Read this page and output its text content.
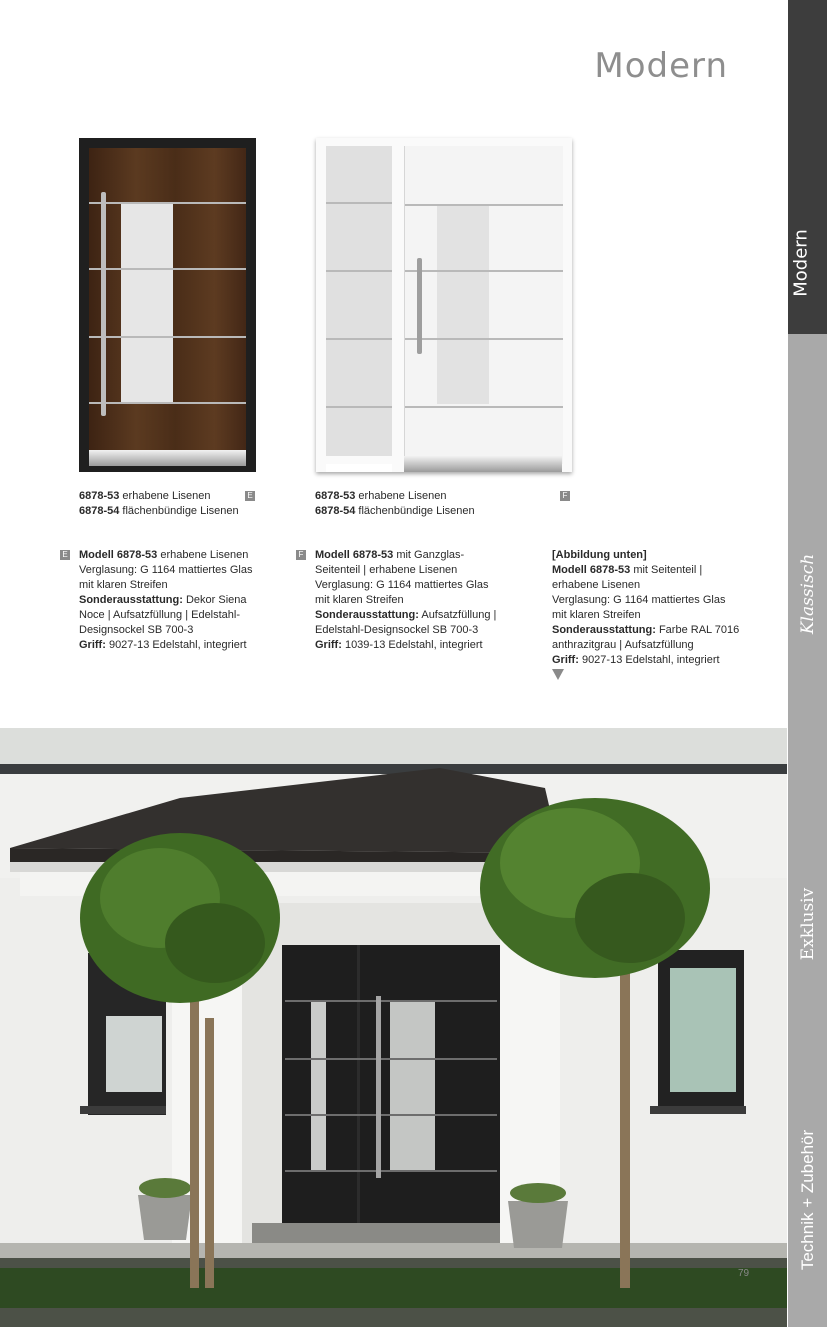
Modern
Modern
Klassisch
Exklusiv
Technik + Zubehör
E	F
6878-53 erhabene Lisenen
6878-54 flächenbündige Lisenen
6878-53 erhabene Lisenen
6878-54 flächenbündige Lisenen
E Modell 6878-53 erhabene Lisenen
Verglasung: G 1164 mattiertes Glas
mit klaren Streifen
Sonderausstattung: Dekor Siena
Noce | Aufsatzfüllung | Edelstahl-
Designsockel SB 700-3
Griff: 9027-13 Edelstahl, integriert
F Modell 6878-53 mit Ganzglas-
Seitenteil | erhabene Lisenen
Verglasung: G 1164 mattiertes Glas
mit klaren Streifen
Sonderausstattung: Aufsatzfüllung |
Edelstahl-Designsockel SB 700-3
Griff: 1039-13 Edelstahl, integriert
[Abbildung unten]
Modell 6878-53 mit Seitenteil |
erhabene Lisenen
Verglasung: G 1164 mattiertes Glas
mit klaren Streifen
Sonderausstattung: Farbe RAL 7016
anthrazitgrau | Aufsatzfüllung
Griff: 9027-13 Edelstahl, integriert
79
